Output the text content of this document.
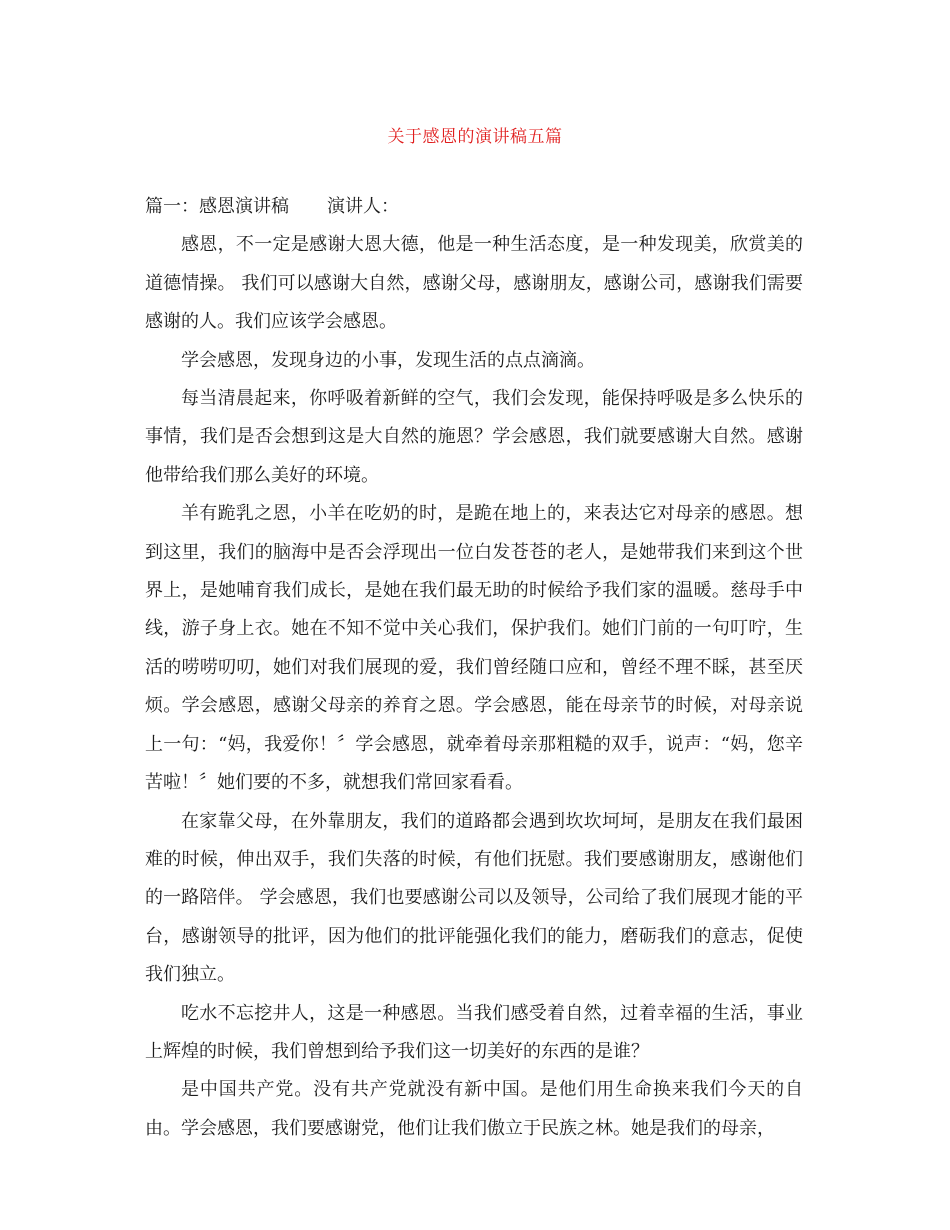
关于感恩的演讲稿五篇

篇一：感恩演讲稿 演讲人：

感恩，不一定是感谢大恩大德，他是一种生活态度，是一种发现美，欣赏美的道德情操。 我们可以感谢大自然，感谢父母，感谢朋友，感谢公司，感谢我们需要感谢的人。我们应该学会感恩。

学会感恩，发现身边的小事，发现生活的点点滴滴。

每当清晨起来，你呼吸着新鲜的空气，我们会发现，能保持呼吸是多么快乐的事情，我们是否会想到这是大自然的施恩？学会感恩，我们就要感谢大自然。感谢他带给我们那么美好的环境。

羊有跪乳之恩，小羊在吃奶的时，是跪在地上的，来表达它对母亲的感恩。想到这里，我们的脑海中是否会浮现出一位白发苍苍的老人，是她带我们来到这个世界上，是她哺育我们成长，是她在我们最无助的时候给予我们家的温暖。慈母手中线，游子身上衣。她在不知不觉中关心我们，保护我们。她们门前的一句叮咛，生活的唠唠叨叨，她们对我们展现的爱，我们曾经随口应和，曾经不理不睬，甚至厌烦。学会感恩，感谢父母亲的养育之恩。学会感恩，能在母亲节的时候，对母亲说上一句：“妈，我爱你！〞学会感恩，就牵着母亲那粗糙的双手，说声：“妈，您辛苦啦！〞她们要的不多，就想我们常回家看看。

在家靠父母，在外靠朋友，我们的道路都会遇到坎坎坷坷，是朋友在我们最困难的时候，伸出双手，我们失落的时候，有他们抚慰。我们要感谢朋友，感谢他们的一路陪伴。 学会感恩，我们也要感谢公司以及领导，公司给了我们展现才能的平台，感谢领导的批评，因为他们的批评能强化我们的能力，磨砺我们的意志，促使我们独立。

吃水不忘挖井人，这是一种感恩。当我们感受着自然，过着幸福的生活，事业上辉煌的时候，我们曾想到给予我们这一切美好的东西的是谁？

是中国共产党。没有共产党就没有新中国。是他们用生命换来我们今天的自由。学会感恩，我们要感谢党，他们让我们傲立于民族之林。她是我们的母亲，
